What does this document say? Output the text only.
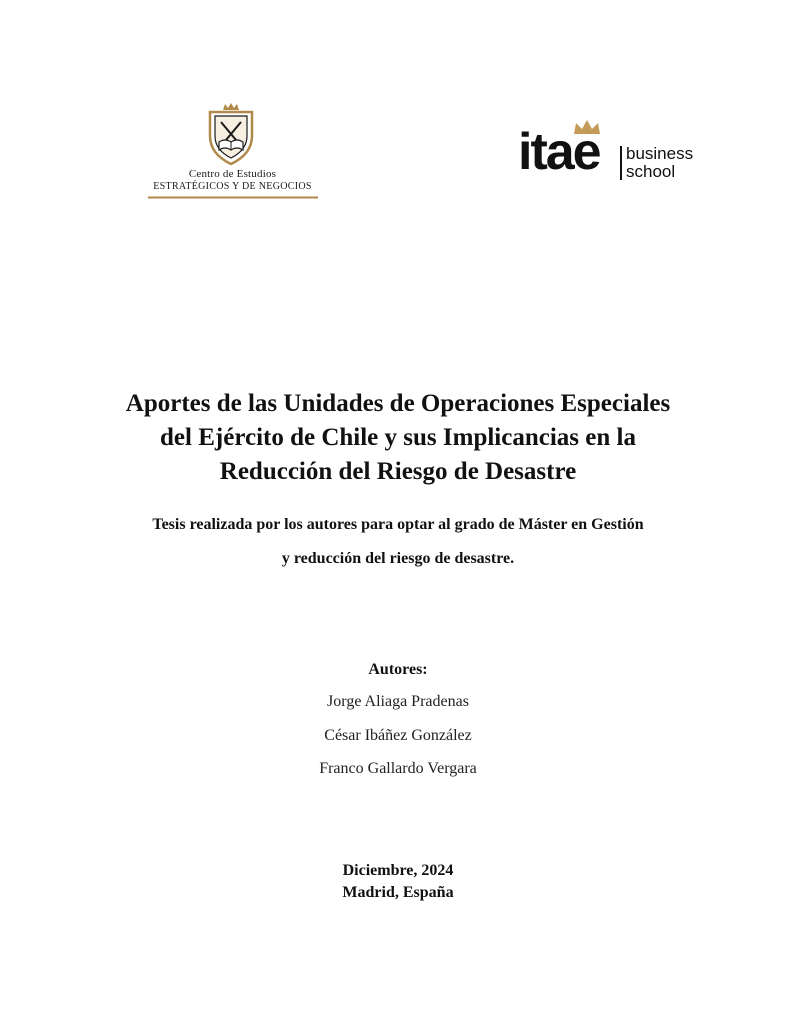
Centro de Estudios
ESTRATÉGICOS Y DE NEGOCIOS
itae business
school
Aportes de las Unidades de Operaciones Especiales
del Ejército de Chile y sus Implicancias en la
Reducción del Riesgo de Desastre

Tesis realizada por los autores para optar al grado de Máster en Gestión
y reducción del riesgo de desastre.

Autores:
Jorge Aliaga Pradenas
César Ibáñez González
Franco Gallardo Vergara
Diciembre, 2024
Madrid, España
